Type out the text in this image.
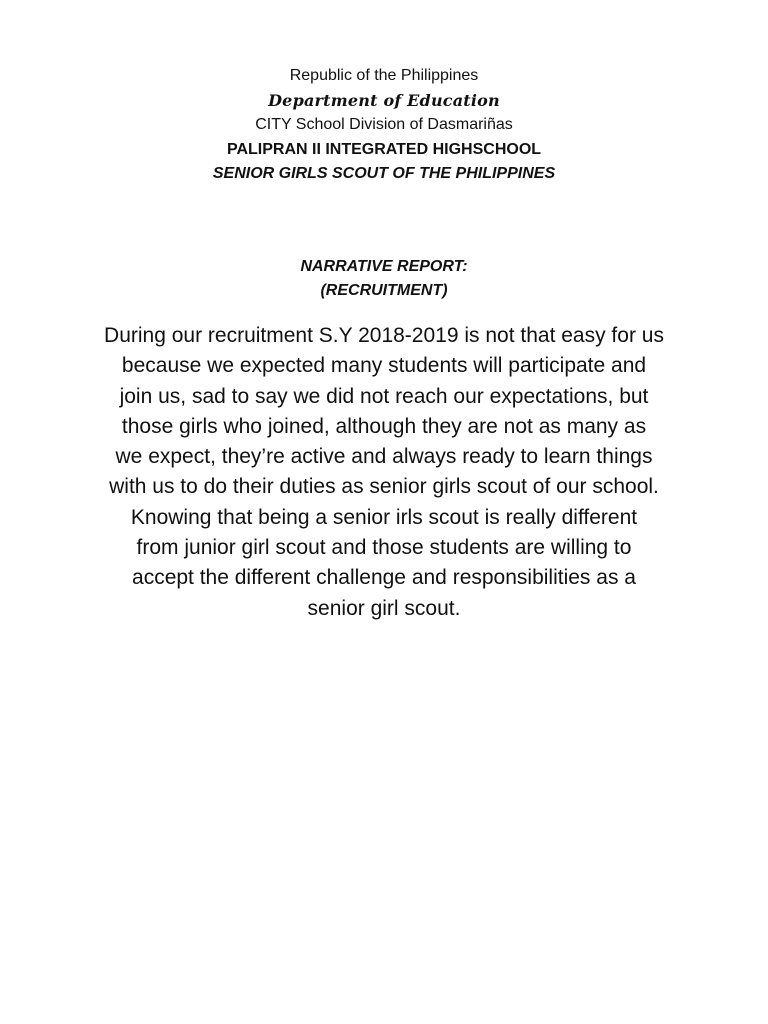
Republic of the Philippines
Department of Education
CITY School Division of Dasmariñas
PALIPRAN II INTEGRATED HIGHSCHOOL
SENIOR GIRLS SCOUT OF THE PHILIPPINES
NARRATIVE REPORT:
(RECRUITMENT)
During our recruitment S.Y 2018-2019 is not that easy for us
because we expected many students will participate and
join us, sad to say we did not reach our expectations, but
those girls who joined, although they are not as many as
we expect, they’re active and always ready to learn things
with us to do their duties as senior girls scout of our school.
Knowing that being a senior irls scout is really different
from junior girl scout and those students are willing to
accept the different challenge and responsibilities as a
senior girl scout.
